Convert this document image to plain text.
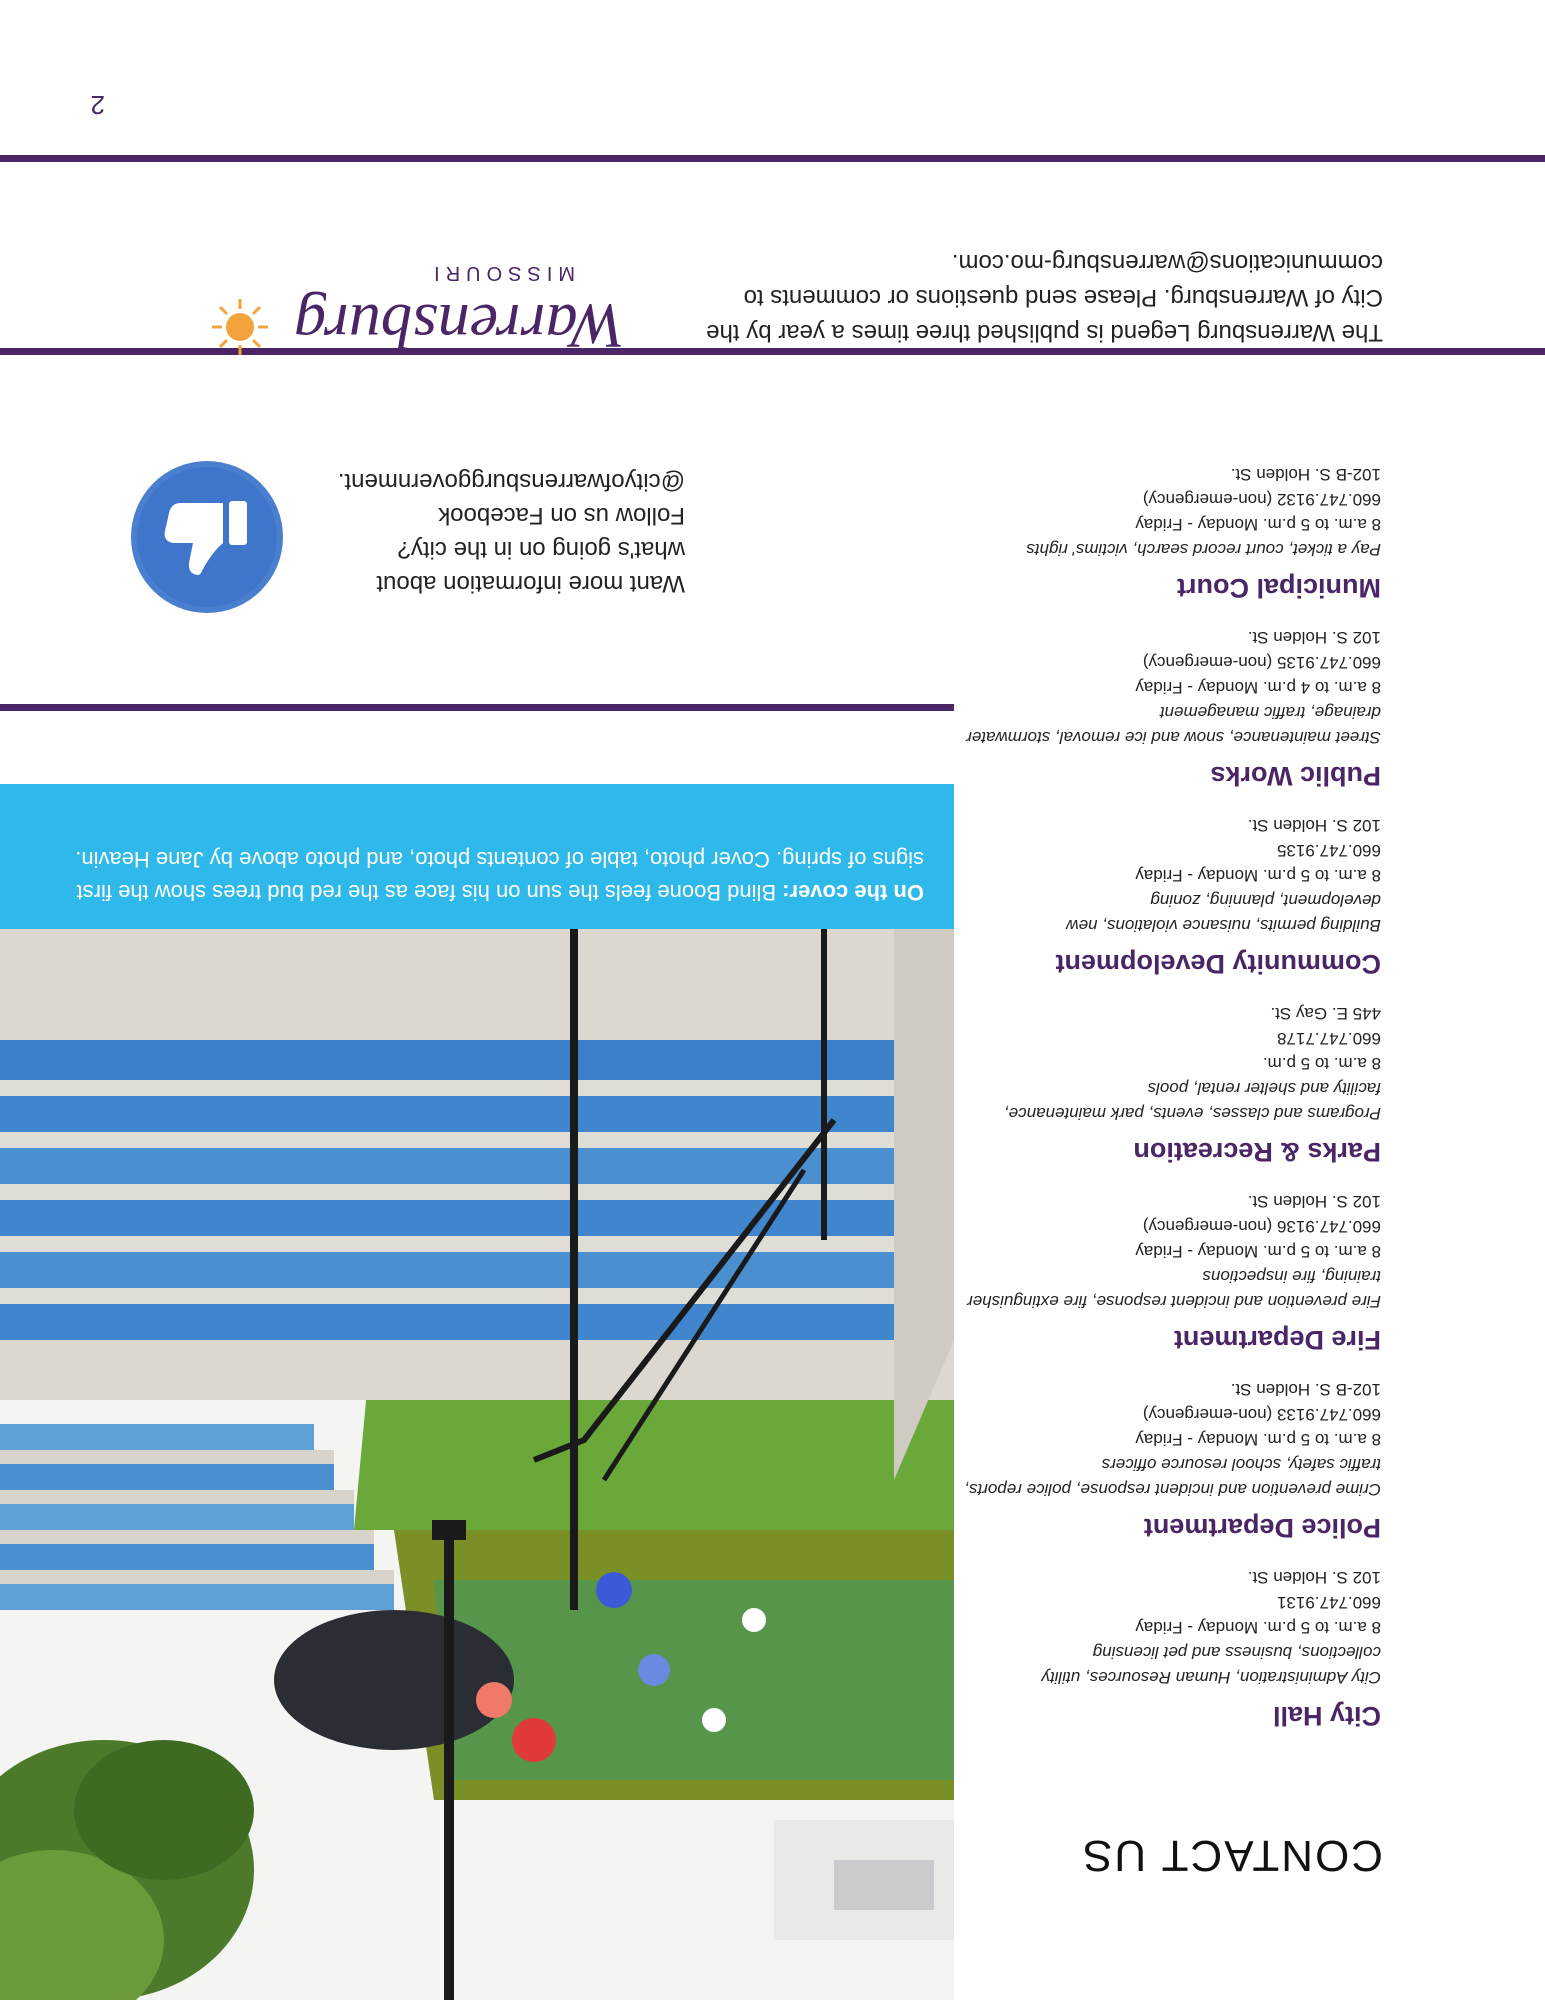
CONTACT US
City Hall
City Administration, Human Resources, utility collections, business and pet licensing
8 a.m. to 5 p.m. Monday - Friday
660.747.9131
102 S. Holden St.
Police Department
Crime prevention and incident response, police reports, traffic safety, school resource officers
8 a.m. to 5 p.m. Monday - Friday
660.747.9133 (non-emergency)
102-B S. Holden St.
Fire Department
Fire prevention and incident response, fire extinguisher training, fire inspections
8 a.m. to 5 p.m. Monday - Friday
660.747.9136 (non-emergency)
102 S. Holden St.
Parks & Recreation
Programs and classes, events, park maintenance, facility and shelter rental, pools
8 a.m. to 5 p.m.
660.747.7178
445 E. Gay St.
Community Development
Building permits, nuisance violations, new development, planning, zoning
8 a.m. to 5 p.m. Monday - Friday
660.747.9135
102 S. Holden St.
Public Works
Street maintenance, snow and ice removal, stormwater drainage, traffic management
8 a.m. to 4 p.m. Monday - Friday
660.747.9135 (non-emergency)
102 S. Holden St.
Municipal Court
Pay a ticket, court record search, victims' rights
8 a.m. to 5 p.m. Monday - Friday
660.747.9132 (non-emergency)
102-B S. Holden St.
On the cover: Blind Boone feels the sun on his face as the red bud trees show the first signs of spring. Cover photo, table of contents photo, and photo above by Jane Heavin.
Want more information about
what's going on in the city?
Follow us on Facebook
@cityofwarrensburggovernment.
The Warrensburg Legend is published three times a year by the City of Warrensburg. Please send questions or comments to communications@warrensburg-mo.com.
Warrensburg
MISSOURI
2
